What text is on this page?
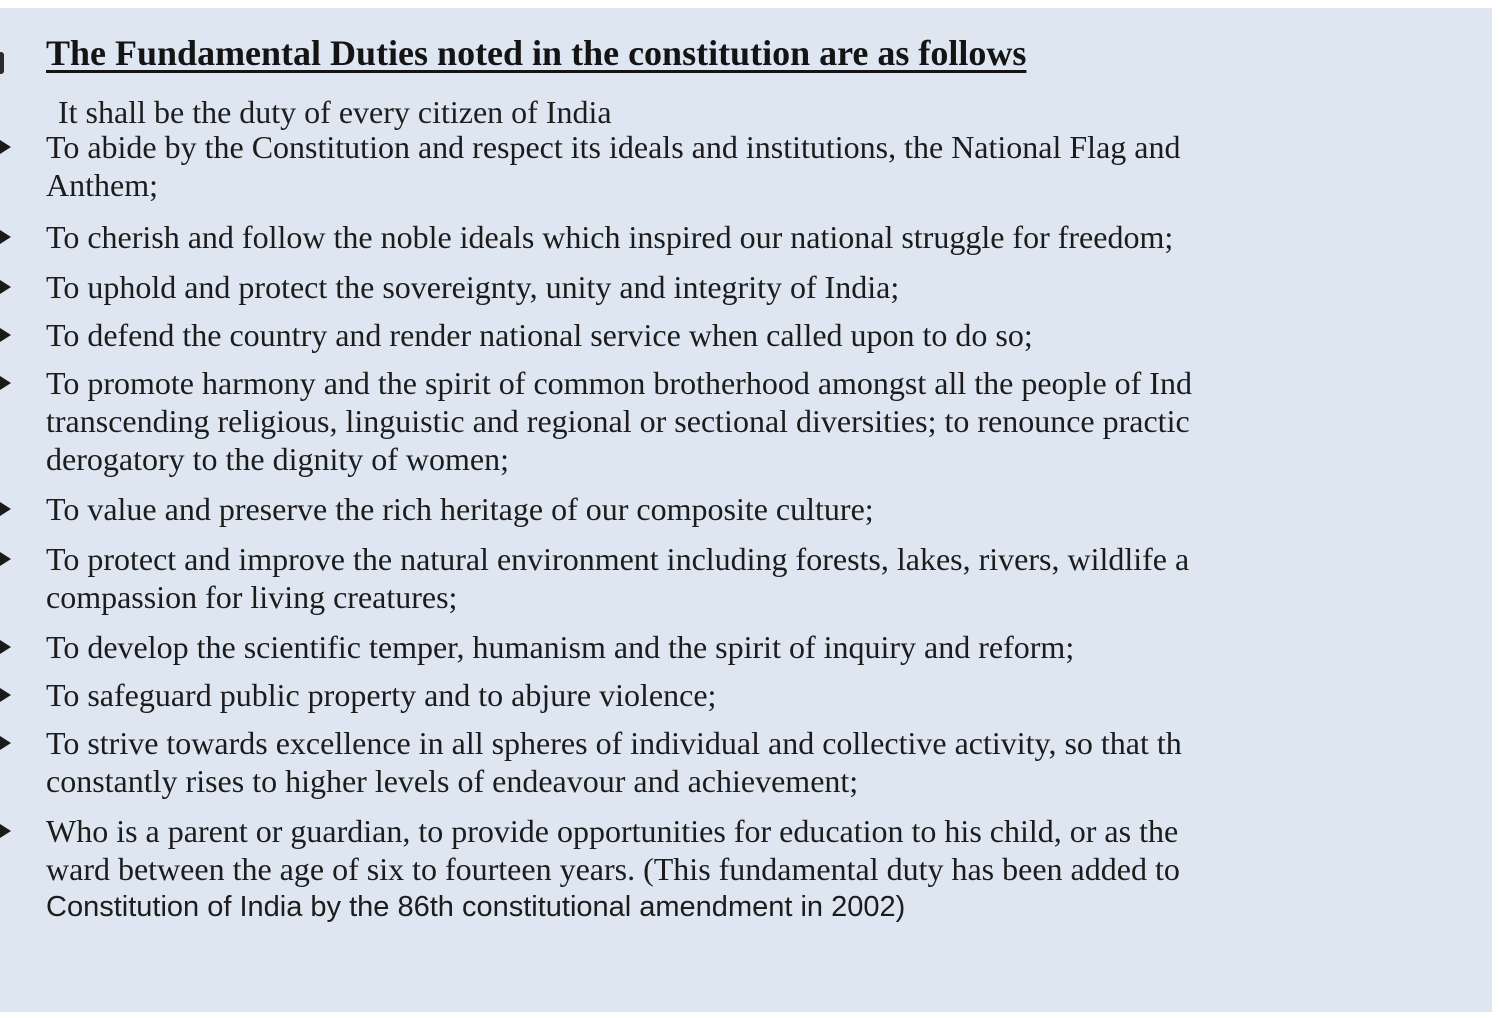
The Fundamental Duties noted in the constitution are as follows

It shall be the duty of every citizen of India

To abide by the Constitution and respect its ideals and institutions, the National Flag and
Anthem;
To cherish and follow the noble ideals which inspired our national struggle for freedom;
To uphold and protect the sovereignty, unity and integrity of India;
To defend the country and render national service when called upon to do so;
To promote harmony and the spirit of common brotherhood amongst all the people of Ind
transcending religious, linguistic and regional or sectional diversities; to renounce practic
derogatory to the dignity of women;
To value and preserve the rich heritage of our composite culture;
To protect and improve the natural environment including forests, lakes, rivers, wildlife a
compassion for living creatures;
To develop the scientific temper, humanism and the spirit of inquiry and reform;
To safeguard public property and to abjure violence;
To strive towards excellence in all spheres of individual and collective activity, so that th
constantly rises to higher levels of endeavour and achievement;
Who is a parent or guardian, to provide opportunities for education to his child, or as the
ward between the age of six to fourteen years. (This fundamental duty has been added to
Constitution of India by the 86th constitutional amendment in 2002)
